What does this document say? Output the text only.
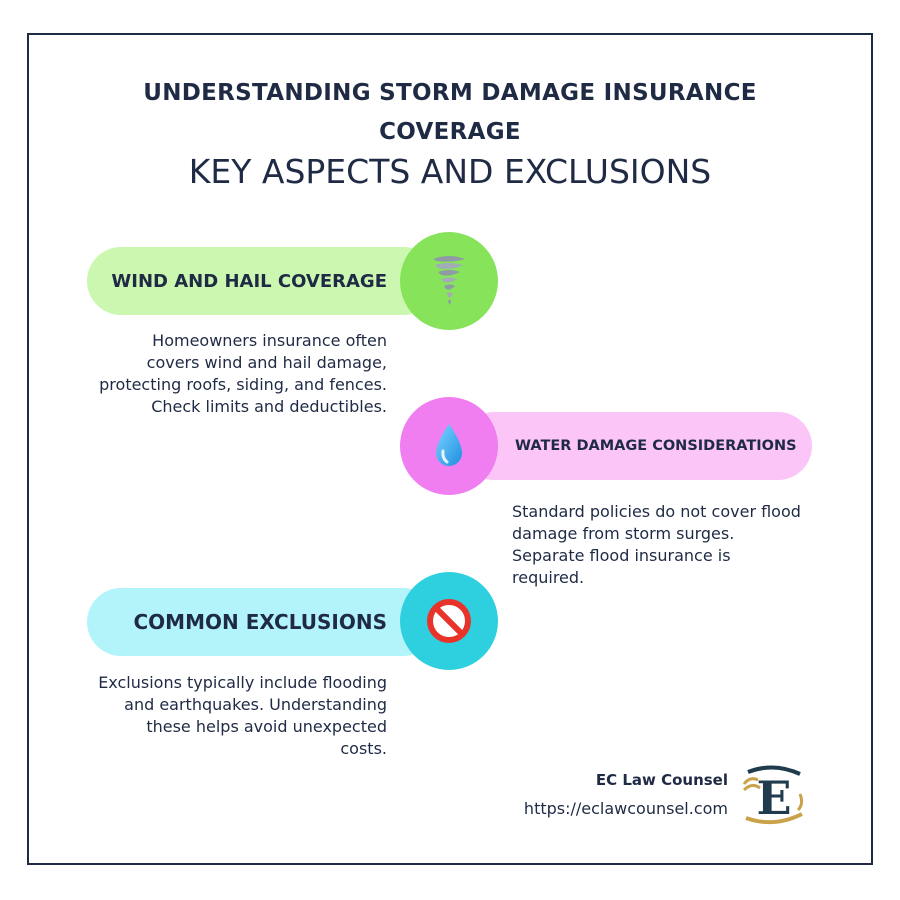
UNDERSTANDING STORM DAMAGE INSURANCE COVERAGE
KEY ASPECTS AND EXCLUSIONS
WIND AND HAIL COVERAGE
Homeowners insurance often covers wind and hail damage, protecting roofs, siding, and fences. Check limits and deductibles.
WATER DAMAGE CONSIDERATIONS
Standard policies do not cover flood damage from storm surges. Separate flood insurance is required.
COMMON EXCLUSIONS
Exclusions typically include flooding and earthquakes. Understanding these helps avoid unexpected costs.
EC Law Counsel
https://eclawcounsel.com E
